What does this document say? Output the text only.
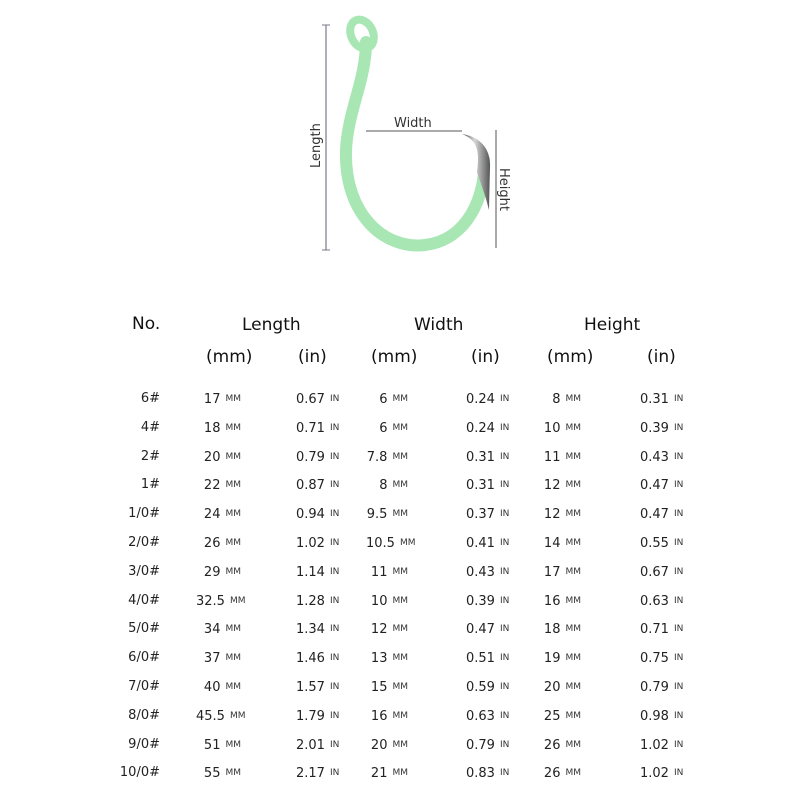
Length	Width
Height
No.	Length	Width	Height
(mm)	(in)	(mm)	(in)	(mm)	(in)
6#	17 MM	0.67 IN	6 MM	0.24 IN	8 MM	0.31 IN
4#	18 MM	0.71 IN	6 MM	0.24 IN	10 MM	0.39 IN
2#	20 MM	0.79 IN 7.8 MM	0.31 IN	11 MM	0.43 IN
1#	22 MM	0.87 IN	8 MM	0.31 IN	12 MM	0.47 IN
1/0#	24 MM	0.94 IN 9.5 MM	0.37 IN	12 MM	0.47 IN
2/0#	26 MM	1.02 IN 10.5 MM	0.41 IN	14 MM	0.55 IN
3/0#	29 MM	1.14 IN	11 MM	0.43 IN	17 MM	0.67 IN
4/0#	32.5 MM	1.28 IN	10 MM	0.39 IN	16 MM	0.63 IN
5/0#	34 MM	1.34 IN	12 MM	0.47 IN	18 MM	0.71 IN
6/0#	37 MM	1.46 IN	13 MM	0.51 IN	19 MM	0.75 IN
7/0#	40 MM	1.57 IN	15 MM	0.59 IN	20 MM	0.79 IN
8/0#	45.5 MM	1.79 IN	16 MM	0.63 IN	25 MM	0.98 IN
9/0#	51 MM	2.01 IN	20 MM	0.79 IN	26 MM	1.02 IN
10/0#	55 MM	2.17 IN	21 MM	0.83 IN	26 MM	1.02 IN
